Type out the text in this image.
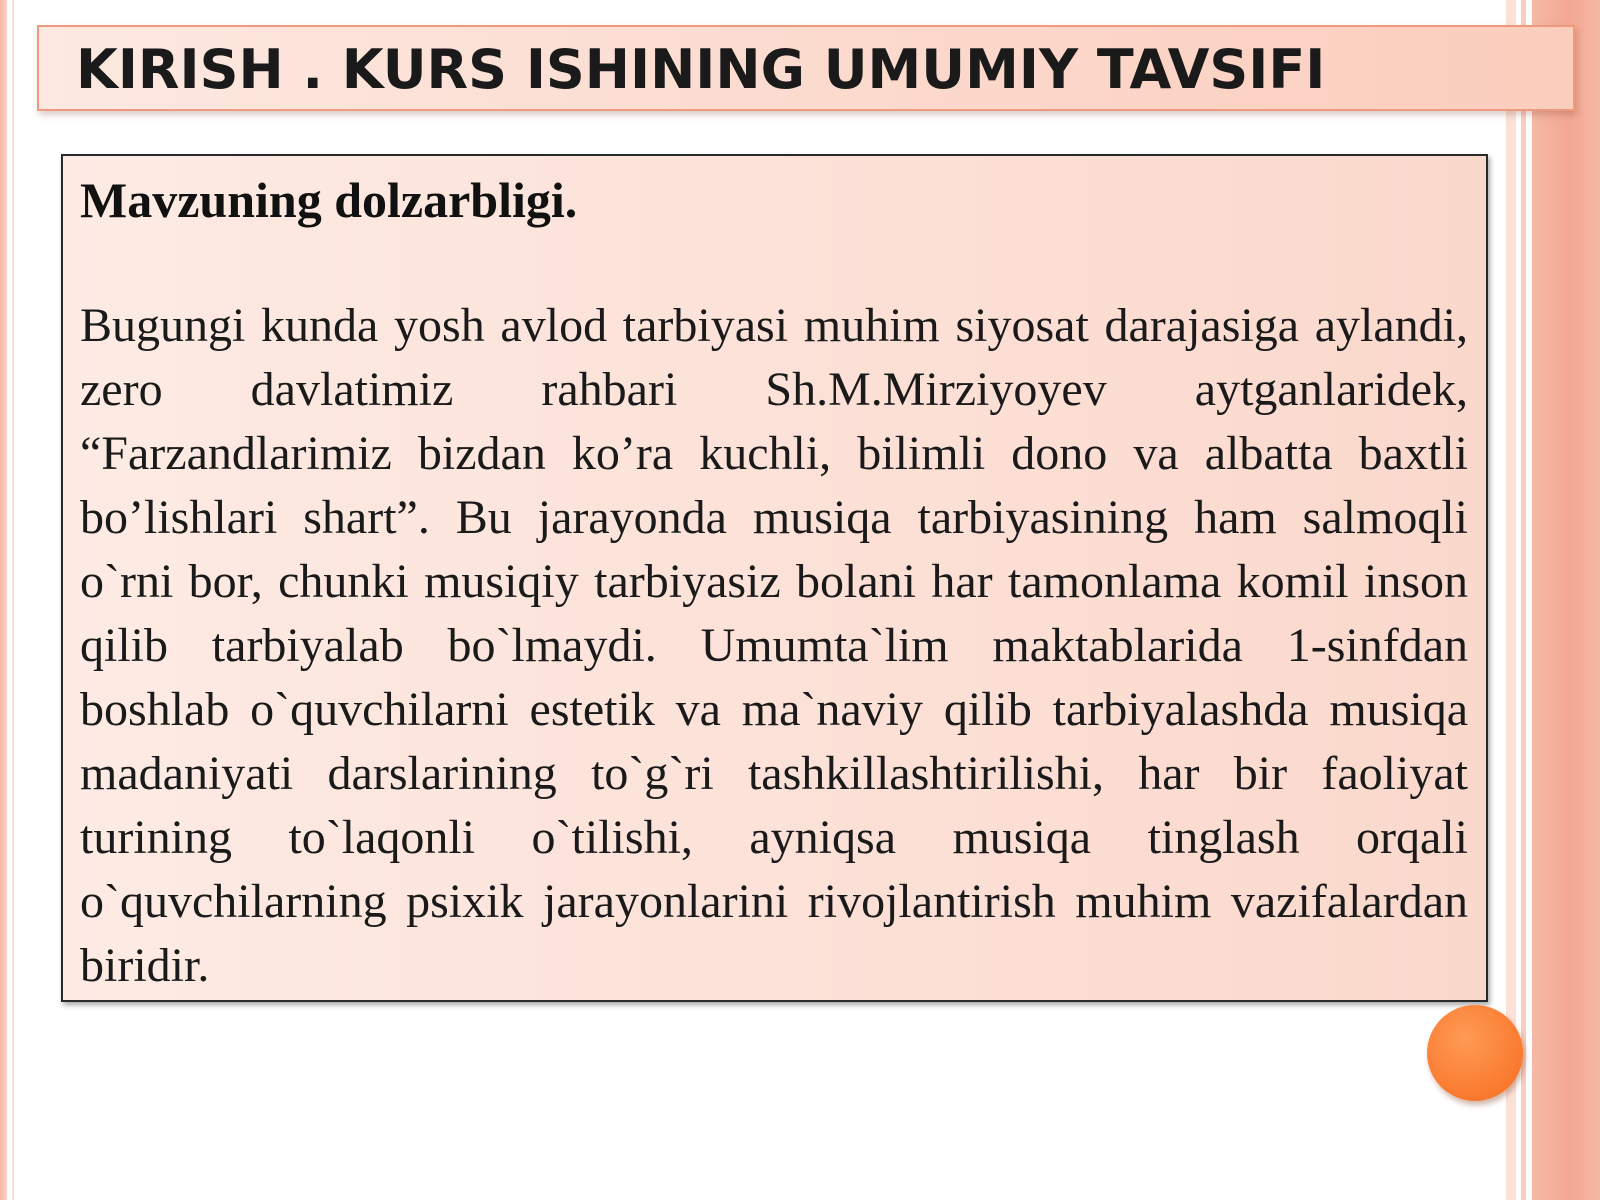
KIRISH . KURS ISHINING UMUMIY TAVSIFI

Mavzuning dolzarbligi.

Bugungi kunda yosh avlod tarbiyasi muhim siyosat darajasiga aylandi, zero davlatimiz rahbari Sh.M.Mirziyoyev aytganlaridek, “Farzandlarimiz bizdan ko’ra kuchli, bilimli dono va albatta baxtli bo’lishlari shart”. Bu jarayonda musiqa tarbiyasining ham salmoqli o`rni bor, chunki musiqiy tarbiyasiz bolani har tamonlama komil inson qilib tarbiyalab bo`lmaydi. Umumta`lim maktablarida 1-sinfdan boshlab o`quvchilarni estetik va ma`naviy qilib tarbiyalashda musiqa madaniyati darslarining to`g`ri tashkillashtirilishi, har bir faoliyat turining to`laqonli o`tilishi, ayniqsa musiqa tinglash orqali o`quvchilarning psixik jarayonlarini rivojlantirish muhim vazifalardan biridir.
